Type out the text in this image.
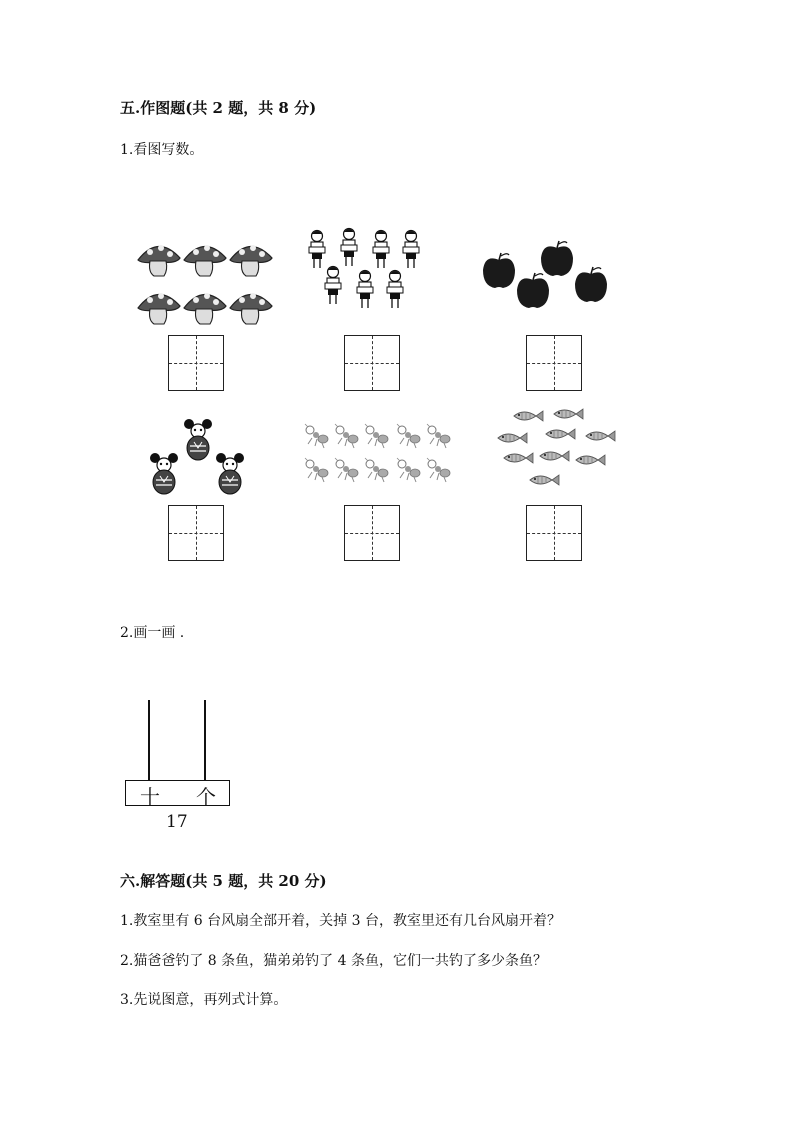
五.作图题(共 2 题，共 8 分)
1.看图写数。
2.画一画 .
十 个
17
六.解答题(共 5 题，共 20 分)
1.教室里有 6 台风扇全部开着，关掉 3 台，教室里还有几台风扇开着？
2.猫爸爸钓了 8 条鱼，猫弟弟钓了 4 条鱼，它们一共钓了多少条鱼？
3.先说图意，再列式计算。
